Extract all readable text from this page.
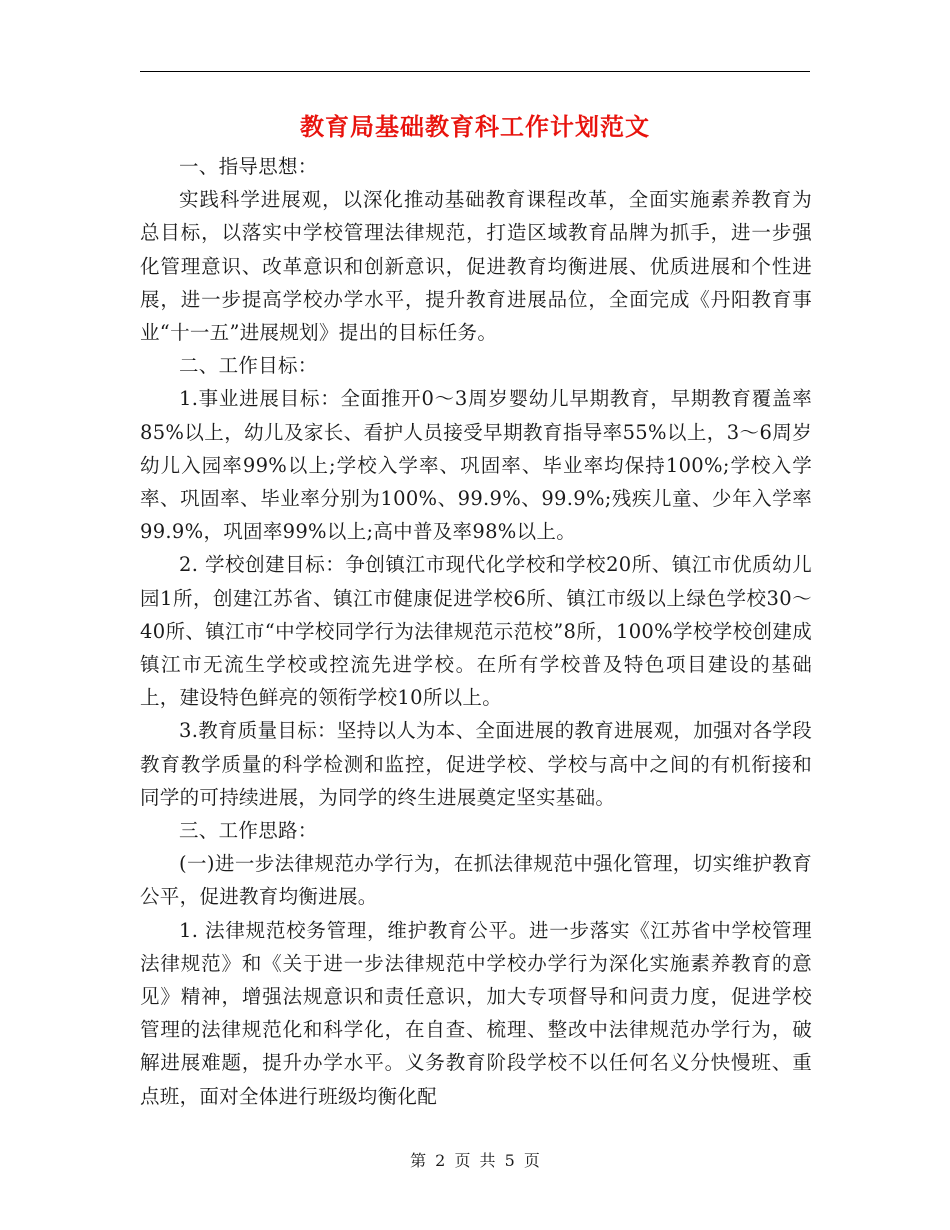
教育局基础教育科工作计划范文

一、指导思想：

实践科学进展观，以深化推动基础教育课程改革，全面实施素养教育为总目标，以落实中学校管理法律规范，打造区域教育品牌为抓手，进一步强化管理意识、改革意识和创新意识，促进教育均衡进展、优质进展和个性进展，进一步提高学校办学水平，提升教育进展品位，全面完成《丹阳教育事业“十一五”进展规划》提出的目标任务。

二、工作目标：

1.事业进展目标：全面推开0～3周岁婴幼儿早期教育，早期教育覆盖率85%以上，幼儿及家长、看护人员接受早期教育指导率55%以上，3～6周岁幼儿入园率99%以上;学校入学率、巩固率、毕业率均保持100%;学校入学率、巩固率、毕业率分别为100%、99.9%、99.9%;残疾儿童、少年入学率99.9%，巩固率99%以上;高中普及率98%以上。

2. 学校创建目标：争创镇江市现代化学校和学校20所、镇江市优质幼儿园1所，创建江苏省、镇江市健康促进学校6所、镇江市级以上绿色学校30～40所、镇江市“中学校同学行为法律规范示范校”8所，100%学校学校创建成镇江市无流生学校或控流先进学校。在所有学校普及特色项目建设的基础上，建设特色鲜亮的领衔学校10所以上。

3.教育质量目标：坚持以人为本、全面进展的教育进展观，加强对各学段教育教学质量的科学检测和监控，促进学校、学校与高中之间的有机衔接和同学的可持续进展，为同学的终生进展奠定坚实基础。

三、工作思路：

(一)进一步法律规范办学行为，在抓法律规范中强化管理，切实维护教育公平，促进教育均衡进展。

1. 法律规范校务管理，维护教育公平。进一步落实《江苏省中学校管理法律规范》和《关于进一步法律规范中学校办学行为深化实施素养教育的意见》精神，增强法规意识和责任意识，加大专项督导和问责力度，促进学校管理的法律规范化和科学化，在自查、梳理、整改中法律规范办学行为，破解进展难题，提升办学水平。义务教育阶段学校不以任何名义分快慢班、重点班，面对全体进行班级均衡化配

第 2 页 共 5 页
